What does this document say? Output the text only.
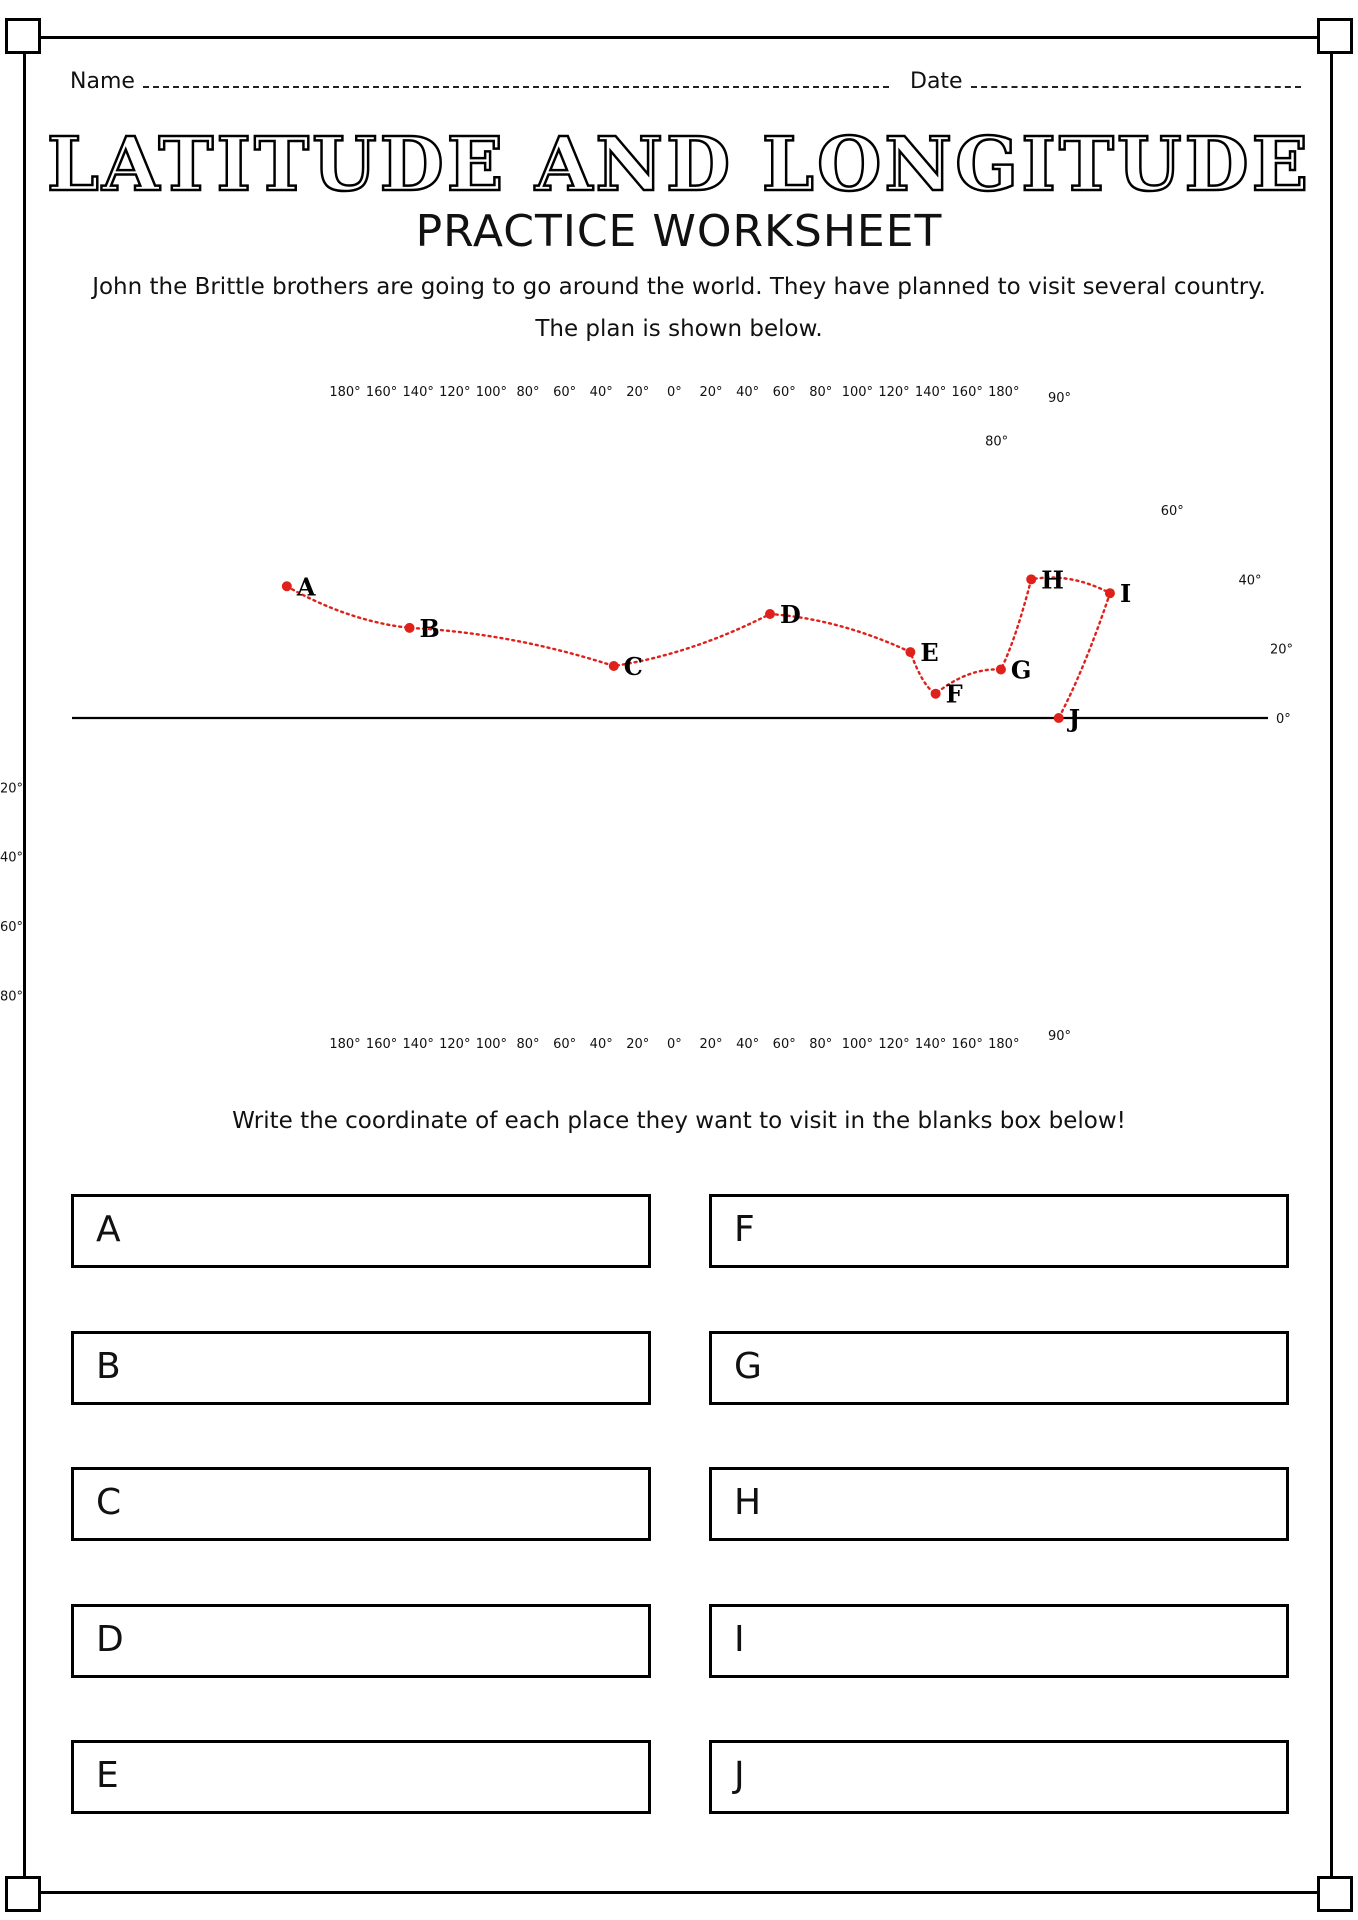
Name	Date
LATITUDE AND LONGITUDE
PRACTICE WORKSHEET
John the Brittle brothers are going to go around the world. They have planned to visit several country. The plan is shown below.
A
B
C
D
E
F
G
H I
J
180°
180°
160°
160°
140°
140°
120°
120°
100°
100°
80°
80°
60°
60°
40°
40°
20°
20°
0°
0°
20°
20°
40°
40°
60°
60°
80°
80°
100°
100°
120°
120°
140°
140°
160°
160°
180°
180°
90°
80°
60°
40°
20°
0°
20°
40°
60°
80°
90°
Write the coordinate of each place they want to visit in the blanks box below!
A
B
C
D
E
F
G
H
I
J
